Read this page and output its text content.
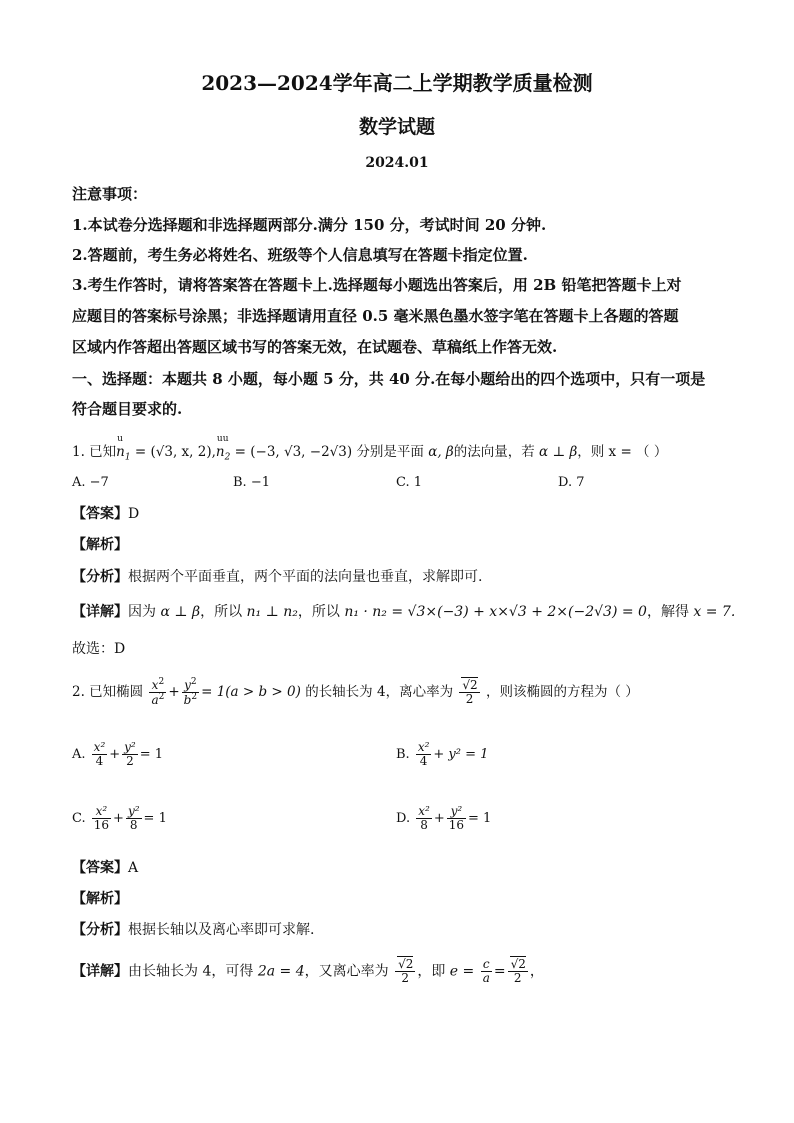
2023—2024学年高二上学期教学质量检测
数学试题
2024.01
注意事项：
1.本试卷分选择题和非选择题两部分.满分 150 分，考试时间 20 分钟.
2.答题前，考生务必将姓名、班级等个人信息填写在答题卡指定位置.
3.考生作答时，请将答案答在答题卡上.选择题每小题选出答案后，用 2B 铅笔把答题卡上对
应题目的答案标号涂黑；非选择题请用直径 0.5 毫米黑色墨水签字笔在答题卡上各题的答题
区域内作答超出答题区域书写的答案无效，在试题卷、草稿纸上作答无效.
一、选择题：本题共 8 小题，每小题 5 分，共 40 分.在每小题给出的四个选项中，只有一项是
符合题目要求的.
1. 已知u $n_1 = (√3$, x, 2),uu $n_2 = (-3$, √3, −2√3) 分别是平面 α, β的法向量，若 α ⊥ β，则 x = （ ）
A. −7	B. −1	C. 1	D. 7
【答案】D
【解析】
【分析】根据两个平面垂直，两个平面的法向量也垂直，求解即可.
【详解】因为 α ⊥ β，所以 n₁ ⊥ n₂，所以 n₁ · n₂ = √3×(−3) + x×√3 + 2×(−2√3) = 0，解得 x = 7.
故选：D
2. 已知椭圆 $\frac{x^2}{a^2} + \frac{y^2}{b^2} = 1(a > b > 0)$ 的长轴长为 4，离心率为 $\frac{√2}{2}$ ，则该椭圆的方程为（ ）
A. $\frac{\text{x²}}{4} + \frac{\text{y²}}{2} = 1$	B. $\frac{\text{x²}}{4} + y^2 = 1$
C. $\frac{\text{x²}}{16} + \frac{\text{y²}}{8} = 1$	D. $\frac{\text{x²}}{8} + \frac{\text{y²}}{16} = 1$
【答案】A
【解析】
【分析】根据长轴以及离心率即可求解.
【详解】由长轴长为 4，可得 2a = 4，又离心率为 $\frac{√2}{2}$ ，即 $e = \frac{c}{a} = \frac{√2}{2}$ ，
